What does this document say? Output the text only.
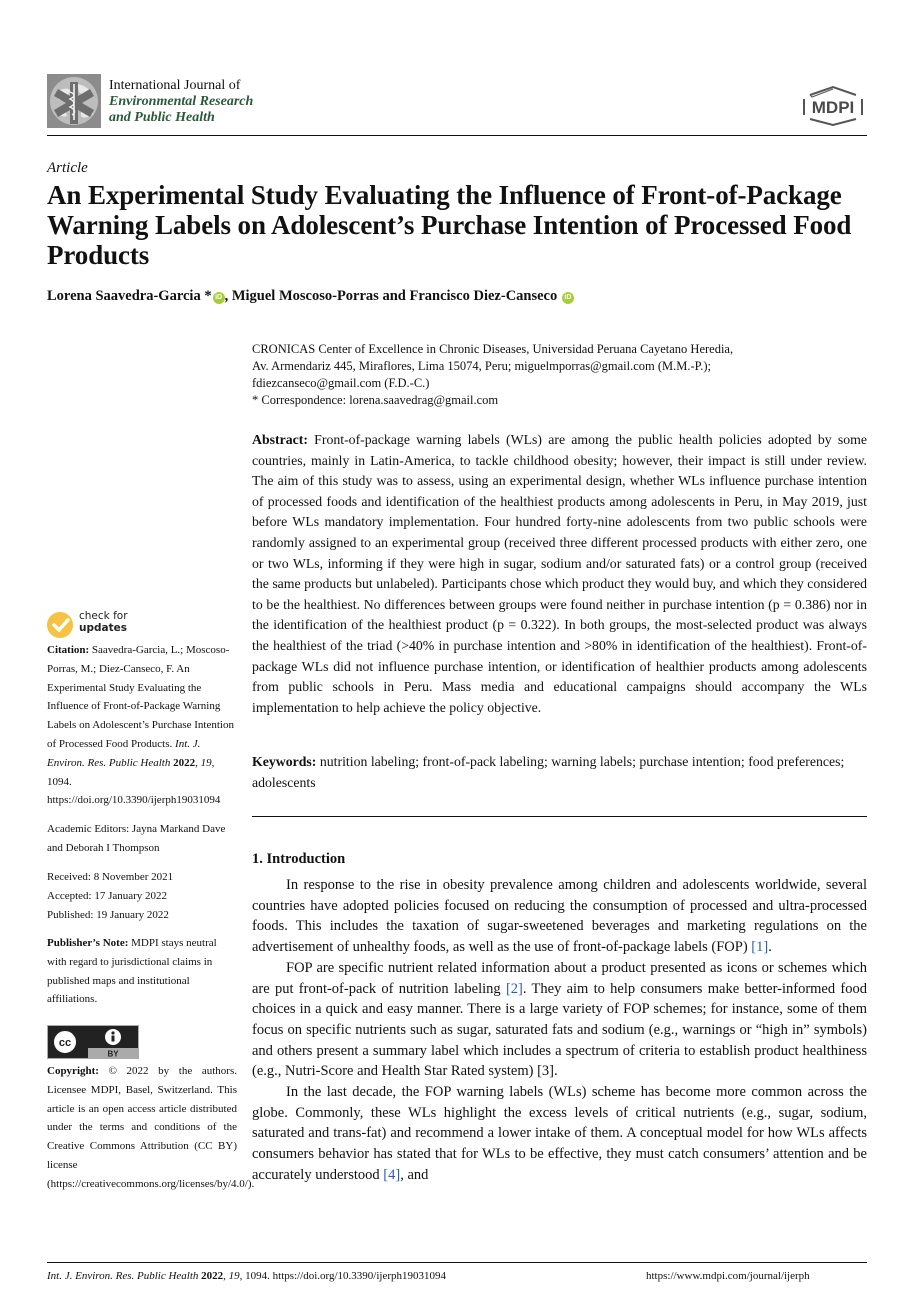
International Journal of
Environmental Research
and Public Health
MDPI
Article
An Experimental Study Evaluating the Influence of Front-of-Package Warning Labels on Adolescent’s Purchase Intention of Processed Food Products
Lorena Saavedra-Garcia * iD , Miguel Moscoso-Porras and Francisco Diez-Canseco iD
CRONICAS Center of Excellence in Chronic Diseases, Universidad Peruana Cayetano Heredia,
Av. Armendariz 445, Miraflores, Lima 15074, Peru; miguelmporras@gmail.com (M.M.-P.);
fdiezcanseco@gmail.com (F.D.-C.)
* Correspondence: lorena.saavedrag@gmail.com
Abstract: Front-of-package warning labels (WLs) are among the public health policies adopted by some countries, mainly in Latin-America, to tackle childhood obesity; however, their impact is still under review. The aim of this study was to assess, using an experimental design, whether WLs influence purchase intention of processed foods and identification of the healthiest products among adolescents in Peru, in May 2019, just before WLs mandatory implementation. Four hundred forty-nine adolescents from two public schools were randomly assigned to an experimental group (received three different processed products with either zero, one or two WLs, informing if they were high in sugar, sodium and/or saturated fats) or a control group (received the same products but unlabeled). Participants chose which product they would buy, and which they considered to be the healthiest. No differences between groups were found neither in purchase intention (p = 0.386) nor in the identification of the healthiest product (p = 0.322). In both groups, the most-selected product was always the healthiest of the triad (>40% in purchase intention and >80% in identification of the healthiest). Front-of-package WLs did not influence purchase intention, or identification of healthier products among adolescents from public schools in Peru. Mass media and educational campaigns should accompany the WLs implementation to help achieve the policy objective.
Keywords: nutrition labeling; front-of-pack labeling; warning labels; purchase intention; food preferences; adolescents
1. Introduction

In response to the rise in obesity prevalence among children and adolescents worldwide, several countries have adopted policies focused on reducing the consumption of processed and ultra-processed foods. This includes the taxation of sugar-sweetened beverages and marketing regulations on the advertisement of unhealthy foods, as well as the use of front-of-package labels (FOP) [1].

FOP are specific nutrient related information about a product presented as icons or schemes which are put front-of-pack of nutrition labeling [2]. They aim to help consumers make better-informed food choices in a quick and easy manner. There is a large variety of FOP schemes; for instance, some of them focus on specific nutrients such as sugar, saturated fats and sodium (e.g., warnings or “high in” symbols) and others present a summary label which includes a spectrum of criteria to establish product healthiness (e.g., Nutri-Score and Health Star Rated system) [3].

In the last decade, the FOP warning labels (WLs) scheme has become more common across the globe. Commonly, these WLs highlight the excess levels of critical nutrients (e.g., sugar, sodium, saturated and trans-fat) and recommend a lower intake of them. A conceptual model for how WLs affects consumers behavior has stated that for WLs to be effective, they must catch consumers’ attention and be accurately understood [4], and

check for
updates
Citation: Saavedra-Garcia, L.; Moscoso-Porras, M.; Diez-Canseco, F. An Experimental Study Evaluating the Influence of Front-of-Package Warning Labels on Adolescent’s Purchase Intention of Processed Food Products. Int. J. Environ. Res. Public Health 2022, 19, 1094. https://doi.org/10.3390/ijerph19031094
Academic Editors: Jayna Markand Dave and Deborah I Thompson
Received: 8 November 2021
Accepted: 17 January 2022
Published: 19 January 2022
Publisher’s Note: MDPI stays neutral with regard to jurisdictional claims in published maps and institutional affiliations.
cc
BY
Copyright: © 2022 by the authors. Licensee MDPI, Basel, Switzerland. This article is an open access article distributed under the terms and conditions of the Creative Commons Attribution (CC BY) license (https://creativecommons.org/licenses/by/4.0/).
Int. J. Environ. Res. Public Health 2022, 19, 1094. https://doi.org/10.3390/ijerph19031094	https://www.mdpi.com/journal/ijerph
